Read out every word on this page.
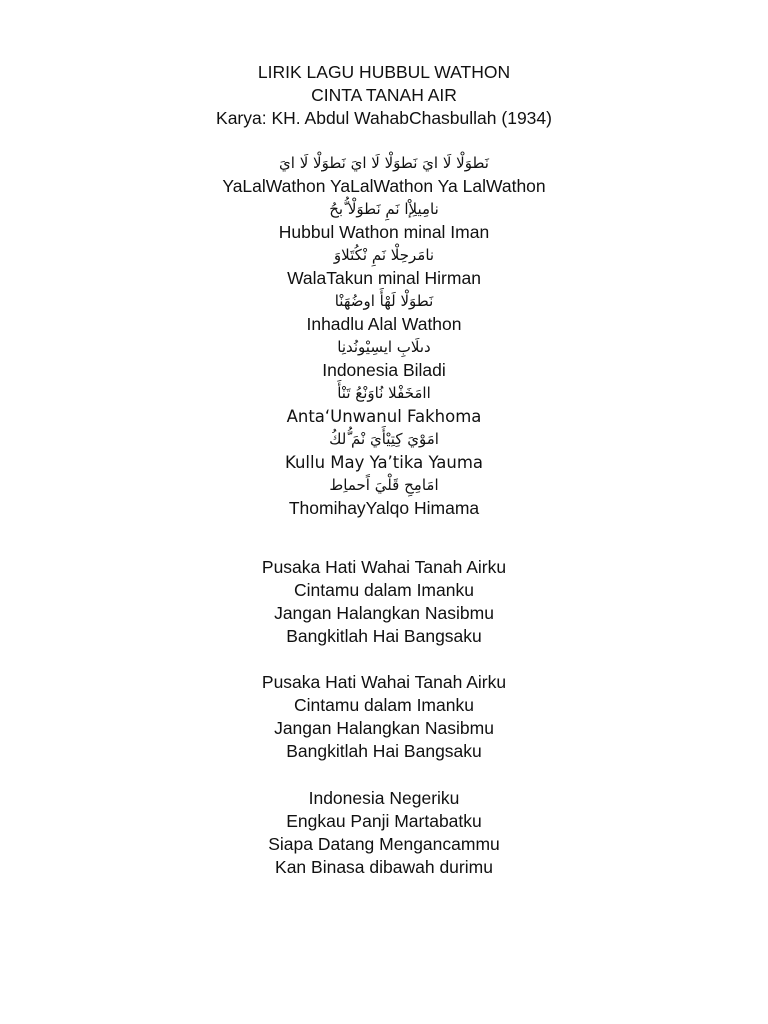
LIRIK LAGU HUBBUL WATHON
CINTA TANAH AIR
Karya: KH. Abdul WahabChasbullah (1934)
نَطوَلْا لَا ايَ نَطوَلْا لَا ايَ نَطوَلْا لَا ايَ
YaLalWathon YaLalWathon Ya LalWathon
نامِيلِإْا نَمِ نَطوَلْا ُّبحُ
Hubbul Wathon minal Iman
نامَرحِلْا نَمِ نْكُتَلاوَ
WalaTakun minal Hirman
نَطوَلْا لَهْأَ اوضُهَنْا
Inhadlu Alal Wathon
دىلَابِ ايسِيْونُدنِا
Indonesia Biladi
اامَخَفْلا نُاوَنْعُ تَنْأَ
Anta‘Unwanul Fakhoma
امَوْيَ كِتِيْأَيَ نْمَ ُّلكُ
Kullu May Ya’tika Yauma
امَامِحِ قَلْيَ اًحماِط
ThomihayYalqo Himama
Pusaka Hati Wahai Tanah Airku
Cintamu dalam Imanku
Jangan Halangkan Nasibmu
Bangkitlah Hai Bangsaku
Pusaka Hati Wahai Tanah Airku
Cintamu dalam Imanku
Jangan Halangkan Nasibmu
Bangkitlah Hai Bangsaku
Indonesia Negeriku
Engkau Panji Martabatku
Siapa Datang Mengancammu
Kan Binasa dibawah durimu
